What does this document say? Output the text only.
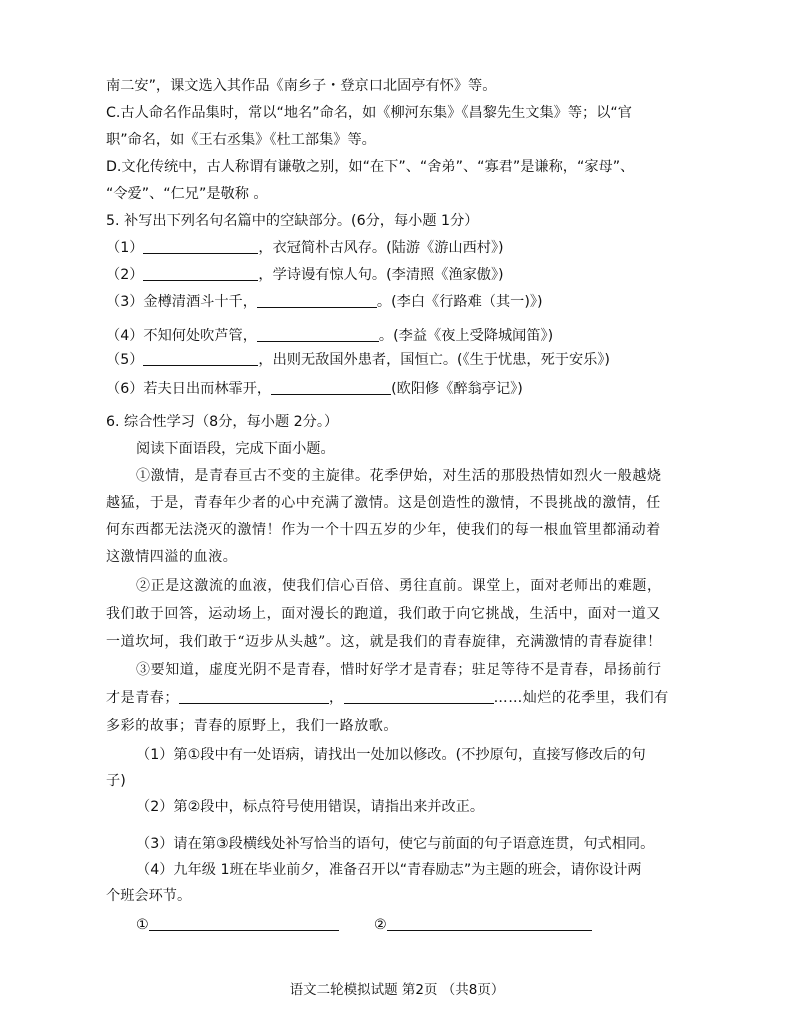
南二安”，课文选入其作品《南乡子・登京口北固亭有怀》等。
C.古人命名作品集时，常以“地名”命名，如《柳河东集》《昌黎先生文集》等；以“官
职”命名，如《王右丞集》《杜工部集》等。
D.文化传统中，古人称谓有谦敬之别，如“在下”、“舍弟”、“寡君”是谦称，“家母”、
“令爱”、“仁兄”是敬称 。
5. 补写出下列名句名篇中的空缺部分。(6分，每小题 1分）
（1）	，衣冠简朴古风存。(陆游《游山西村》)
（2）	，学诗谩有惊人句。(李清照《渔家傲》)
（3）金樽清酒斗十千，	。(李白《行路难（其一)》)
（4）不知何处吹芦管，	。(李益《夜上受降城闻笛》)
（5）	，出则无敌国外患者，国恒亡。(《生于忧患，死于安乐》)
（6）若夫日出而林霏开，	(欧阳修《醉翁亭记》)
6. 综合性学习（8分，每小题 2分。）
阅读下面语段，完成下面小题。
①激情，是青春亘古不变的主旋律。花季伊始，对生活的那股热情如烈火一般越烧
越猛，于是，青春年少者的心中充满了激情。这是创造性的激情，不畏挑战的激情，任
何东西都无法浇灭的激情！作为一个十四五岁的少年，使我们的每一根血管里都涌动着
这激情四溢的血液。
②正是这激流的血液，使我们信心百倍、勇往直前。课堂上，面对老师出的难题，
我们敢于回答，运动场上，面对漫长的跑道，我们敢于向它挑战，生活中，面对一道又
一道坎坷，我们敢于“迈步从头越”。这，就是我们的青春旋律，充满激情的青春旋律！
③要知道，虚度光阴不是青春，惜时好学才是青春；驻足等待不是青春，昂扬前行
才是青春；	，	……灿烂的花季里，我们有
多彩的故事；青春的原野上，我们一路放歌。
（1）第①段中有一处语病，请找出一处加以修改。(不抄原句，直接写修改后的句
子)
（2）第②段中，标点符号使用错误，请指出来并改正。
（3）请在第③段横线处补写恰当的语句，使它与前面的句子语意连贯，句式相同。
（4）九年级 1班在毕业前夕，准备召开以“青春励志”为主题的班会，请你设计两
个班会环节。
①	②
语文二轮模拟试题 第2页 （共8页）
